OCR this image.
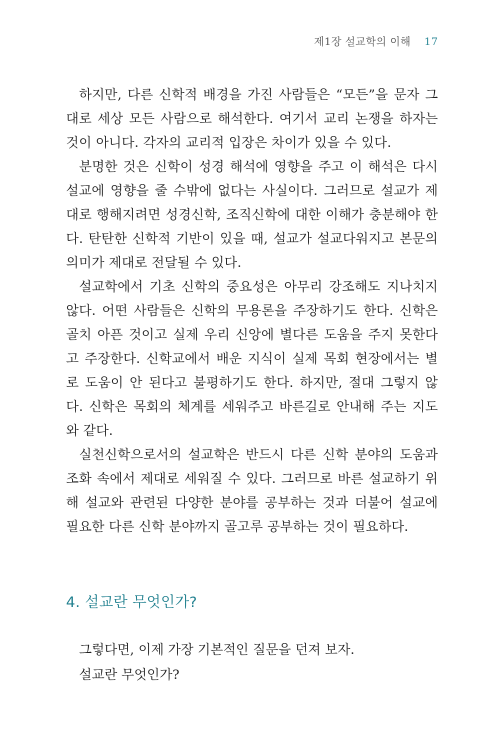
제1장 설교학의 이해 17

하지만, 다른 신학적 배경을 가진 사람들은 “모든”을 문자 그대로 세상 모든 사람으로 해석한다. 여기서 교리 논쟁을 하자는 것이 아니다. 각자의 교리적 입장은 차이가 있을 수 있다.

분명한 것은 신학이 성경 해석에 영향을 주고 이 해석은 다시 설교에 영향을 줄 수밖에 없다는 사실이다. 그러므로 설교가 제대로 행해지려면 성경신학, 조직신학에 대한 이해가 충분해야 한다. 탄탄한 신학적 기반이 있을 때, 설교가 설교다워지고 본문의 의미가 제대로 전달될 수 있다.

설교학에서 기초 신학의 중요성은 아무리 강조해도 지나치지 않다. 어떤 사람들은 신학의 무용론을 주장하기도 한다. 신학은 골치 아픈 것이고 실제 우리 신앙에 별다른 도움을 주지 못한다고 주장한다. 신학교에서 배운 지식이 실제 목회 현장에서는 별로 도움이 안 된다고 불평하기도 한다. 하지만, 절대 그렇지 않다. 신학은 목회의 체계를 세워주고 바른길로 안내해 주는 지도와 같다.

실천신학으로서의 설교학은 반드시 다른 신학 분야의 도움과 조화 속에서 제대로 세워질 수 있다. 그러므로 바른 설교하기 위해 설교와 관련된 다양한 분야를 공부하는 것과 더불어 설교에 필요한 다른 신학 분야까지 골고루 공부하는 것이 필요하다.

4. 설교란 무엇인가?

그렇다면, 이제 가장 기본적인 질문을 던져 보자.

설교란 무엇인가?
